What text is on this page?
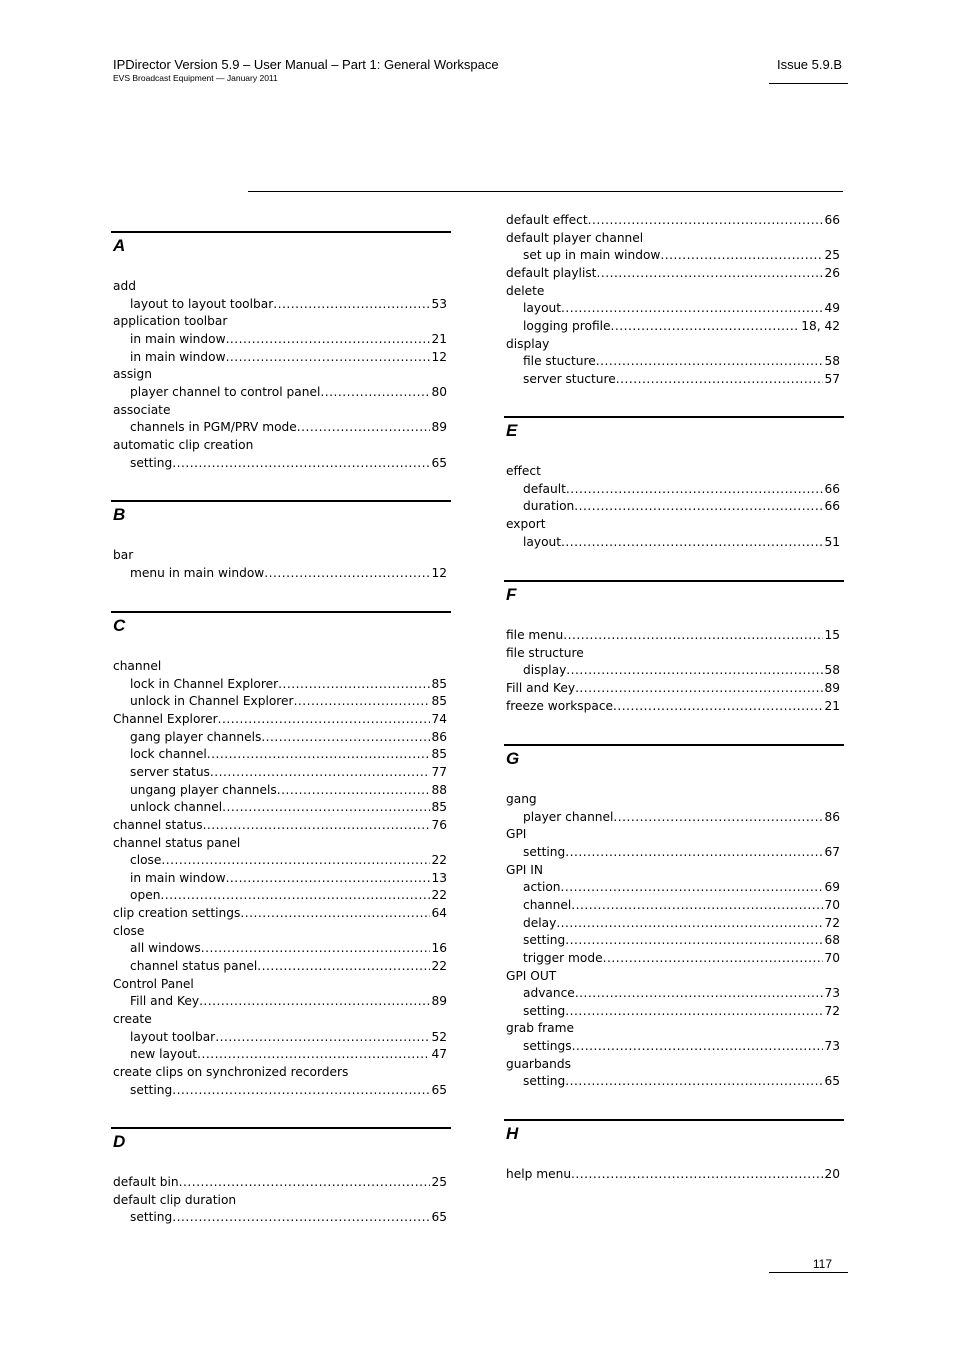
IPDirector Version 5.9 – User Manual – Part 1: General Workspace
EVS Broadcast Equipment — January 2011
Issue 5.9.B
A
add
layout to layout toolbar .....	53
application toolbar
in main window .....	21
in main window .....	12
assign
player channel to control panel .....	80
associate
channels in PGM/PRV mode .....	89
automatic clip creation
setting .....	65
B
bar
menu in main window .....	12
C
channel
lock in Channel Explorer .....	85
unlock in Channel Explorer .....	85
Channel Explorer .....	74
gang player channels .....	86
lock channel .....	85
server status .....	77
ungang player channels .....	88
unlock channel .....	85
channel status .....	76
channel status panel
close .....	22
in main window .....	13
open .....	22
clip creation settings .....	64
close
all windows .....	16
channel status panel .....	22
Control Panel
Fill and Key .....	89
create
layout toolbar .....	52
new layout .....	47
create clips on synchronized recorders
setting .....	65
D
default bin .....	25
default clip duration
setting .....	65
default effect .....	66
default player channel
set up in main window .....	25
default playlist .....	26
delete
layout .....	49
logging profile .....	18, 42
display
file stucture .....	58
server stucture .....	57
E
effect
default .....	66
duration .....	66
export
layout .....	51
F
file menu .....	15
file structure
display .....	58
Fill and Key .....	89
freeze workspace .....	21
G
gang
player channel .....	86
GPI
setting .....	67
GPI IN
action .....	69
channel .....	70
delay .....	72
setting .....	68
trigger mode .....	70
GPI OUT
advance .....	73
setting .....	72
grab frame
settings .....	73
guarbands
setting .....	65
H
help menu .....	20
117
